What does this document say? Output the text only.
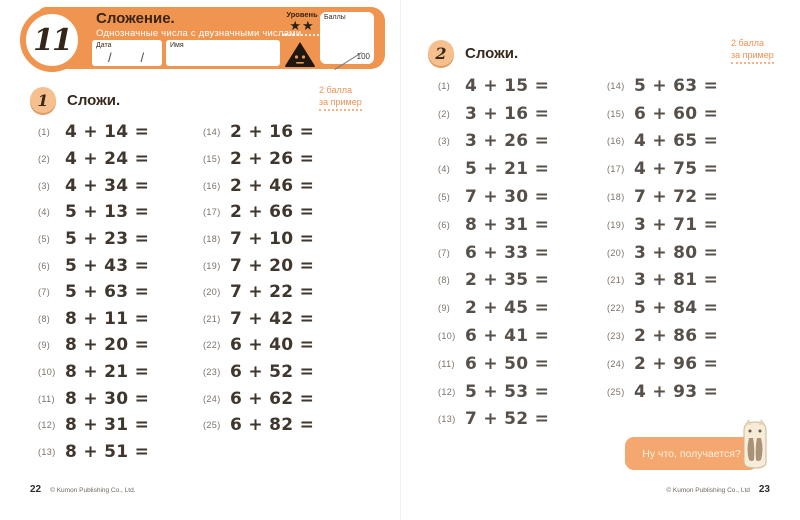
Сложение.
Однозначные числа с двузначными числами
Дата
/        /
Имя
Уровень
★★
Баллы
100
11
1 Сложи.
2 балла
за пример
(1) 4 + 14 =
(2) 4 + 24 =
(3) 4 + 34 =
(4) 5 + 13 =
(5) 5 + 23 =
(6) 5 + 43 =
(7) 5 + 63 =
(8) 8 + 11 =
(9) 8 + 20 =
(10) 8 + 21 =
(11) 8 + 30 =
(12) 8 + 31 =
(13) 8 + 51 =
(14) 2 + 16 =
(15) 2 + 26 =
(16) 2 + 46 =
(17) 2 + 66 =
(18) 7 + 10 =
(19) 7 + 20 =
(20) 7 + 22 =
(21) 7 + 42 =
(22) 6 + 40 =
(23) 6 + 52 =
(24) 6 + 62 =
(25) 6 + 82 =
22 © Kumon Publishing Co., Ltd.
2 Сложи.
2 балла
за пример
(1) 4 + 15 =
(2) 3 + 16 =
(3) 3 + 26 =
(4) 5 + 21 =
(5) 7 + 30 =
(6) 8 + 31 =
(7) 6 + 33 =
(8) 2 + 35 =
(9) 2 + 45 =
(10) 6 + 41 =
(11) 6 + 50 =
(12) 5 + 53 =
(13) 7 + 52 =
(14) 5 + 63 =
(15) 6 + 60 =
(16) 4 + 65 =
(17) 4 + 75 =
(18) 7 + 72 =
(19) 3 + 71 =
(20) 3 + 80 =
(21) 3 + 81 =
(22) 5 + 84 =
(23) 2 + 86 =
(24) 2 + 96 =
(25) 4 + 93 =
Ну что, получается?
© Kumon Publishing Co., Ltd 23
